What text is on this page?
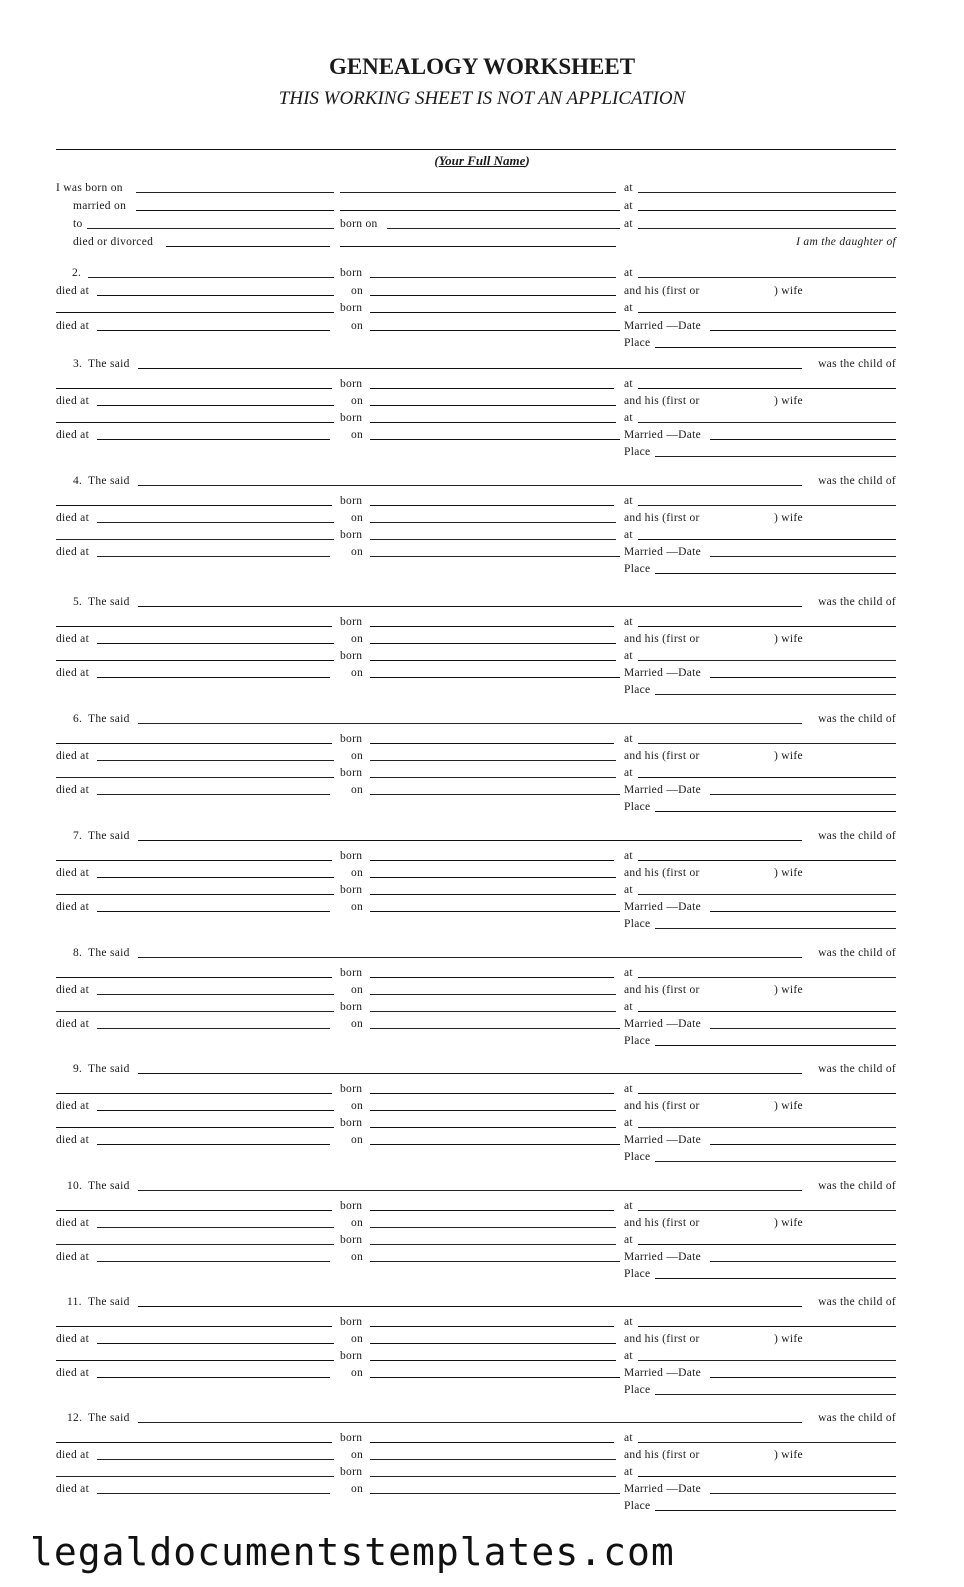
GENEALOGY WORKSHEET
THIS WORKING SHEET IS NOT AN APPLICATION
(Your Full Name)
I was born on	at
married on	at
to	born on	at
died or divorced	I am the daughter of
2.	born	at
died at	on	and his (first or	) wife
born	at
died at	on	Married —Date
Place
3. The said	was the child of
born	at
died at	on	and his (first or	) wife
born	at
died at	on	Married —Date
Place
4. The said	was the child of
born	at
died at	on	and his (first or	) wife
born	at
died at	on	Married —Date
Place
5. The said	was the child of
born	at
died at	on	and his (first or	) wife
born	at
died at	on	Married —Date
Place
6. The said	was the child of
born	at
died at	on	and his (first or	) wife
born	at
died at	on	Married —Date
Place
7. The said	was the child of
born	at
died at	on	and his (first or	) wife
born	at
died at	on	Married —Date
Place
8. The said	was the child of
born	at
died at	on	and his (first or	) wife
born	at
died at	on	Married —Date
Place
9. The said	was the child of
born	at
died at	on	and his (first or	) wife
born	at
died at	on	Married —Date
Place
10. The said	was the child of
born	at
died at	on	and his (first or	) wife
born	at
died at	on	Married —Date
Place
11. The said	was the child of
born	at
died at	on	and his (first or	) wife
born	at
died at	on	Married —Date
Place
12. The said	was the child of
born	at
died at	on	and his (first or	) wife
born	at
died at	on	Married —Date
Place
legaldocumentstemplates.com
